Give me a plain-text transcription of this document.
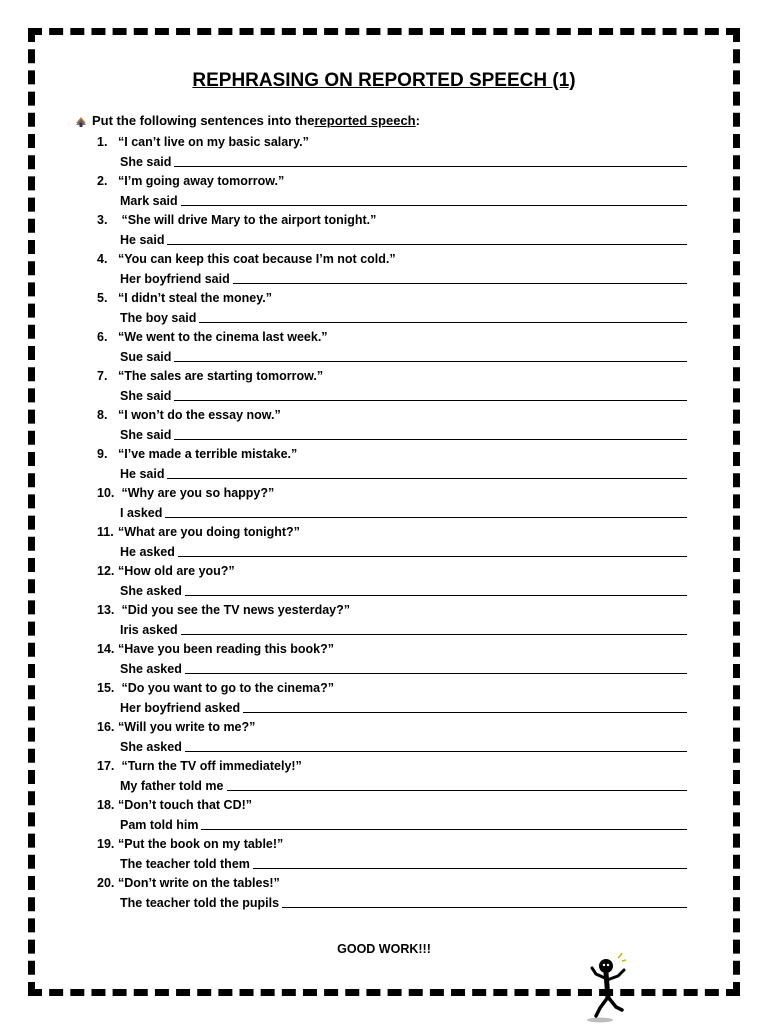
REPHRASING ON REPORTED SPEECH (1)
Put the following sentences into the reported speech :
1. “I can’t live on my basic salary.”
She said
2. “I’m going away tomorrow.”
Mark said
3. “She will drive Mary to the airport tonight.”
He said
4. “You can keep this coat because I’m not cold.”
Her boyfriend said
5. “I didn’t steal the money.”
The boy said
6. “We went to the cinema last week.”
Sue said
7. “The sales are starting tomorrow.”
She said
8. “I won’t do the essay now.”
She said
9. “I’ve made a terrible mistake.”
He said
10. “Why are you so happy?”
I asked
11. “What are you doing tonight?”
He asked
12. “How old are you?”
She asked
13. “Did you see the TV news yesterday?”
Iris asked
14. “Have you been reading this book?”
She asked
15. “Do you want to go to the cinema?”
Her boyfriend asked
16. “Will you write to me?”
She asked
17. “Turn the TV off immediately!”
My father told me
18. “Don’t touch that CD!”
Pam told him
19. “Put the book on my table!”
The teacher told them
20. “Don’t write on the tables!”
The teacher told the pupils
GOOD WORK!!!
